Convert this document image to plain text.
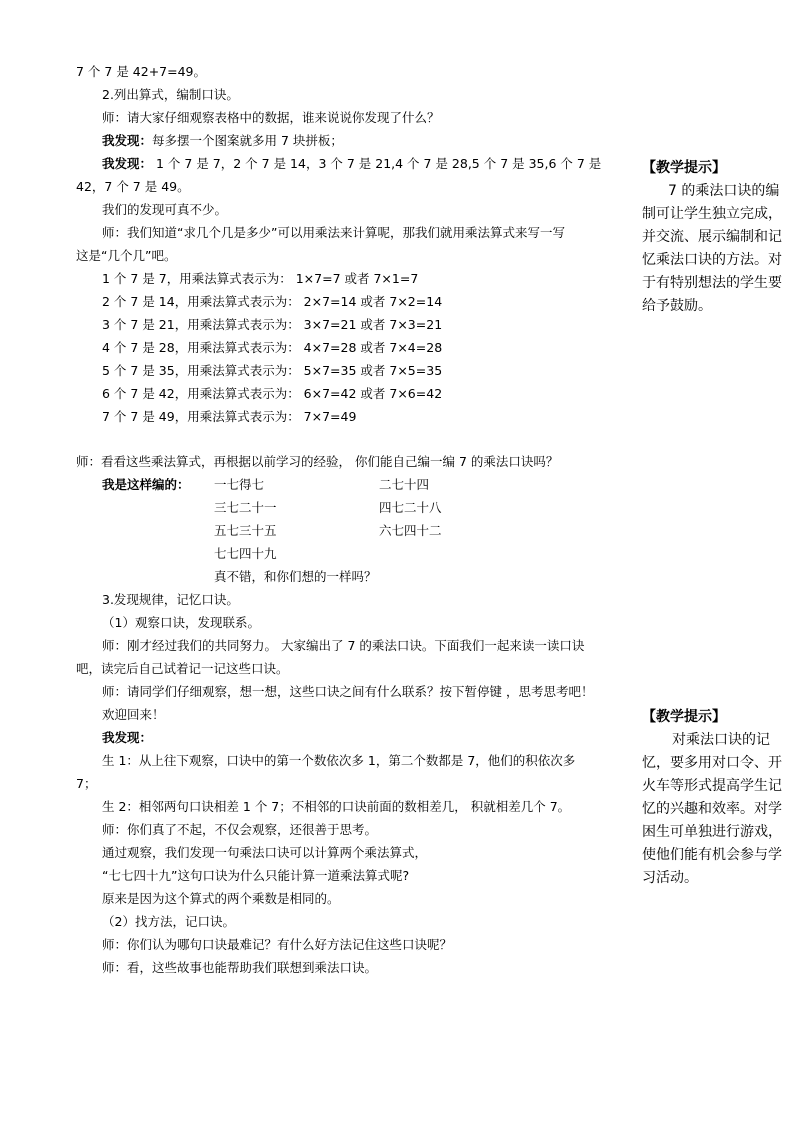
7 个 7 是 42+7=49。

2.列出算式，编制口诀。

师：请大家仔细观察表格中的数据，谁来说说你发现了什么？

我发现：每多摆一个图案就多用 7 块拼板；

我发现： 1 个 7 是 7，2 个 7 是 14，3 个 7 是 21,4 个 7 是 28,5 个 7 是 35,6 个 7 是

42，7 个 7 是 49。

我们的发现可真不少。

师：我们知道“求几个几是多少”可以用乘法来计算呢，那我们就用乘法算式来写一写

这是“几个几”吧。

1 个 7 是 7，用乘法算式表示为： 1×7=7 或者 7×1=7

2 个 7 是 14，用乘法算式表示为： 2×7=14 或者 7×2=14

3 个 7 是 21，用乘法算式表示为： 3×7=21 或者 7×3=21

4 个 7 是 28，用乘法算式表示为： 4×7=28 或者 7×4=28

5 个 7 是 35，用乘法算式表示为： 5×7=35 或者 7×5=35

6 个 7 是 42，用乘法算式表示为： 6×7=42 或者 7×6=42

7 个 7 是 49，用乘法算式表示为： 7×7=49

师：看看这些乘法算式，再根据以前学习的经验， 你们能自己编一编 7 的乘法口诀吗？

我是这样编的：	一七得七	二七十四

三七二十一	四七二十八

五七三十五	六七四十二

七七四十九

真不错，和你们想的一样吗？

3.发现规律，记忆口诀。

（1）观察口诀，发现联系。

师：刚才经过我们的共同努力。 大家编出了 7 的乘法口诀。下面我们一起来读一读口诀

吧，读完后自己试着记一记这些口诀。

师：请同学们仔细观察，想一想，这些口诀之间有什么联系？按下暂停键 ，思考思考吧！

欢迎回来！

我发现：

生 1：从上往下观察，口诀中的第一个数依次多 1，第二个数都是 7，他们的积依次多

7；

生 2：相邻两句口诀相差 1 个 7；不相邻的口诀前面的数相差几， 积就相差几个 7。

师：你们真了不起，不仅会观察，还很善于思考。

通过观察，我们发现一句乘法口诀可以计算两个乘法算式，

“七七四十九”这句口诀为什么只能计算一道乘法算式呢?

原来是因为这个算式的两个乘数是相同的。

（2）找方法，记口诀。

师：你们认为哪句口诀最难记？有什么好方法记住这些口诀呢？

师：看，这些故事也能帮助我们联想到乘法口诀。

【教学提示】
7 的乘法口诀的编制可让学生独立完成，并交流、展示编制和记忆乘法口诀的方法。对于有特别想法的学生要给予鼓励。
【教学提示】
对乘法口诀的记忆，要多用对口令、开火车等形式提高学生记忆的兴趣和效率。对学困生可单独进行游戏，使他们能有机会参与学习活动。
